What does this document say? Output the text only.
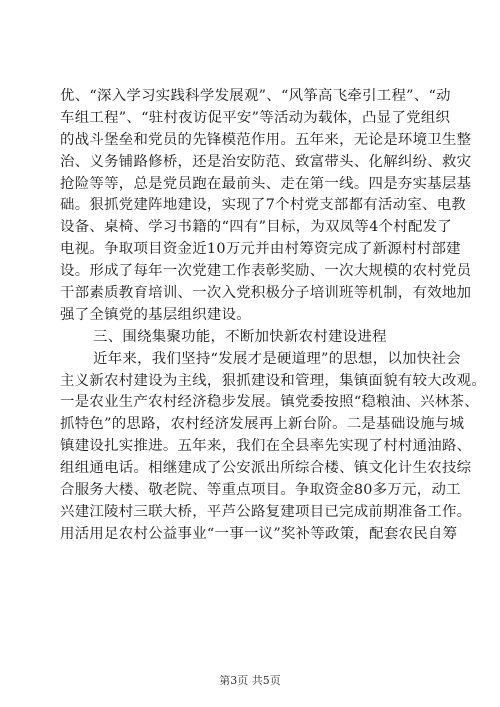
优、“深入学习实践科学发展观”、“风筝高飞牵引工程”、“动
车组工程”、“驻村夜访促平安”等活动为载体，凸显了党组织
的战斗堡垒和党员的先锋模范作用。五年来，无论是环境卫生整
治、义务铺路修桥，还是治安防范、致富带头、化解纠纷、救灾
抢险等等，总是党员跑在最前头、走在第一线。四是夯实基层基
础。狠抓党建阵地建设，实现了7个村党支部都有活动室、电教
设备、桌椅、学习书籍的“四有”目标，为双凤等4个村配发了
电视。争取项目资金近10万元并由村筹资完成了新源村村部建
设。形成了每年一次党建工作表彰奖励、一次大规模的农村党员
干部素质教育培训、一次入党积极分子培训班等机制，有效地加
强了全镇党的基层组织建设。
三、围绕集聚功能，不断加快新农村建设进程
近年来，我们坚持“发展才是硬道理”的思想，以加快社会
主义新农村建设为主线，狠抓建设和管理，集镇面貌有较大改观。
一是农业生产农村经济稳步发展。镇党委按照“稳粮油、兴林茶、
抓特色”的思路，农村经济发展再上新台阶。二是基础设施与城
镇建设扎实推进。五年来，我们在全县率先实现了村村通油路、
组组通电话。相继建成了公安派出所综合楼、镇文化计生农技综
合服务大楼、敬老院、等重点项目。争取资金80多万元，动工
兴建江陵村三联大桥，平芦公路复建项目已完成前期准备工作。
用活用足农村公益事业“一事一议”奖补等政策，配套农民自筹
第3页 共5页
